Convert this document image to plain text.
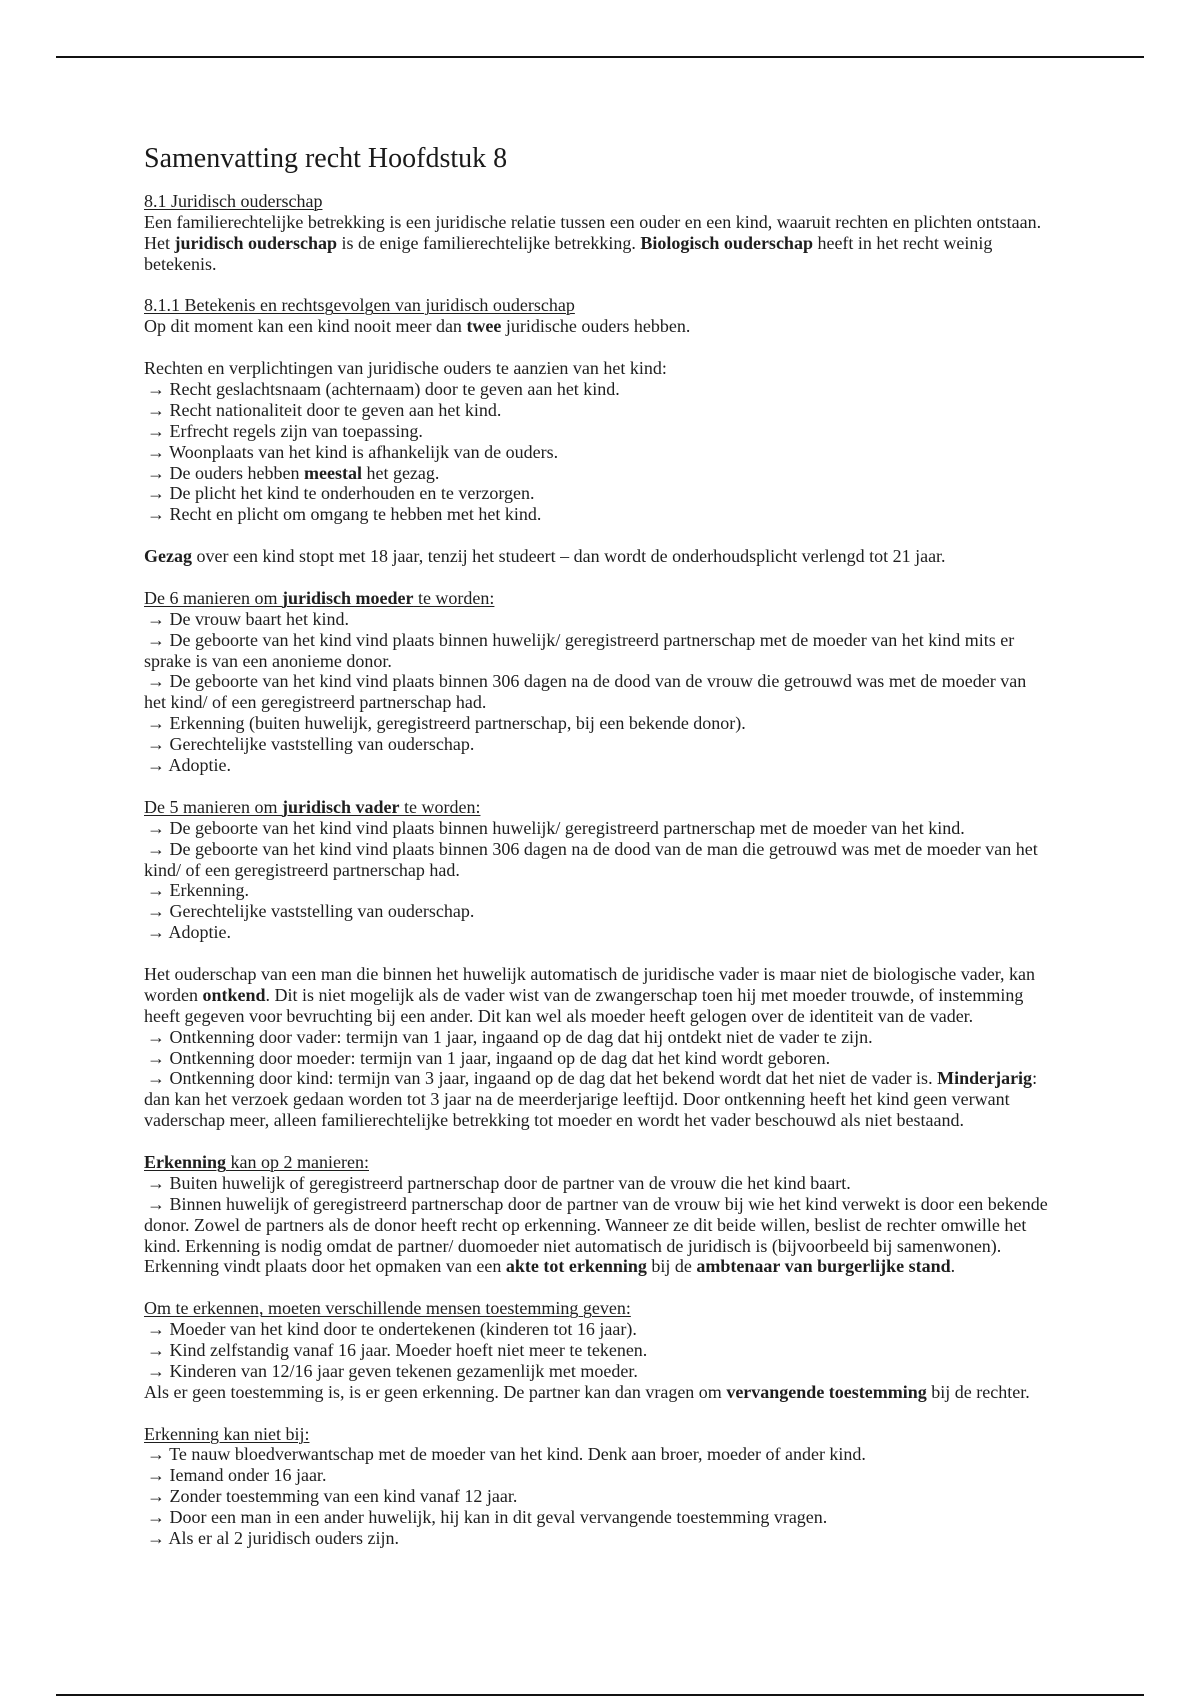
Samenvatting recht Hoofdstuk 8
8.1 Juridisch ouderschap
Een familierechtelijke betrekking is een juridische relatie tussen een ouder en een kind, waaruit rechten en plichten ontstaan.
Het juridisch ouderschap is de enige familierechtelijke betrekking. Biologisch ouderschap heeft in het recht weinig
betekenis.
8.1.1 Betekenis en rechtsgevolgen van juridisch ouderschap
Op dit moment kan een kind nooit meer dan twee juridische ouders hebben.
Rechten en verplichtingen van juridische ouders te aanzien van het kind:
→ Recht geslachtsnaam (achternaam) door te geven aan het kind.
→ Recht nationaliteit door te geven aan het kind.
→ Erfrecht regels zijn van toepassing.
→ Woonplaats van het kind is afhankelijk van de ouders.
→ De ouders hebben meestal het gezag.
→ De plicht het kind te onderhouden en te verzorgen.
→ Recht en plicht om omgang te hebben met het kind.
Gezag over een kind stopt met 18 jaar, tenzij het studeert – dan wordt de onderhoudsplicht verlengd tot 21 jaar.
De 6 manieren om juridisch moeder te worden:
→ De vrouw baart het kind.
→ De geboorte van het kind vind plaats binnen huwelijk/ geregistreerd partnerschap met de moeder van het kind mits er
sprake is van een anonieme donor.
→ De geboorte van het kind vind plaats binnen 306 dagen na de dood van de vrouw die getrouwd was met de moeder van
het kind/ of een geregistreerd partnerschap had.
→ Erkenning (buiten huwelijk, geregistreerd partnerschap, bij een bekende donor).
→ Gerechtelijke vaststelling van ouderschap.
→ Adoptie.
De 5 manieren om juridisch vader te worden:
→ De geboorte van het kind vind plaats binnen huwelijk/ geregistreerd partnerschap met de moeder van het kind.
→ De geboorte van het kind vind plaats binnen 306 dagen na de dood van de man die getrouwd was met de moeder van het
kind/ of een geregistreerd partnerschap had.
→ Erkenning.
→ Gerechtelijke vaststelling van ouderschap.
→ Adoptie.
Het ouderschap van een man die binnen het huwelijk automatisch de juridische vader is maar niet de biologische vader, kan
worden ontkend. Dit is niet mogelijk als de vader wist van de zwangerschap toen hij met moeder trouwde, of instemming
heeft gegeven voor bevruchting bij een ander. Dit kan wel als moeder heeft gelogen over de identiteit van de vader.
→ Ontkenning door vader: termijn van 1 jaar, ingaand op de dag dat hij ontdekt niet de vader te zijn.
→ Ontkenning door moeder: termijn van 1 jaar, ingaand op de dag dat het kind wordt geboren.
→ Ontkenning door kind: termijn van 3 jaar, ingaand op de dag dat het bekend wordt dat het niet de vader is. Minderjarig:
dan kan het verzoek gedaan worden tot 3 jaar na de meerderjarige leeftijd. Door ontkenning heeft het kind geen verwant
vaderschap meer, alleen familierechtelijke betrekking tot moeder en wordt het vader beschouwd als niet bestaand.
Erkenning kan op 2 manieren:
→ Buiten huwelijk of geregistreerd partnerschap door de partner van de vrouw die het kind baart.
→ Binnen huwelijk of geregistreerd partnerschap door de partner van de vrouw bij wie het kind verwekt is door een bekende
donor. Zowel de partners als de donor heeft recht op erkenning. Wanneer ze dit beide willen, beslist de rechter omwille het
kind. Erkenning is nodig omdat de partner/ duomoeder niet automatisch de juridisch is (bijvoorbeeld bij samenwonen).
Erkenning vindt plaats door het opmaken van een akte tot erkenning bij de ambtenaar van burgerlijke stand.
Om te erkennen, moeten verschillende mensen toestemming geven:
→ Moeder van het kind door te ondertekenen (kinderen tot 16 jaar).
→ Kind zelfstandig vanaf 16 jaar. Moeder hoeft niet meer te tekenen.
→ Kinderen van 12/16 jaar geven tekenen gezamenlijk met moeder.
Als er geen toestemming is, is er geen erkenning. De partner kan dan vragen om vervangende toestemming bij de rechter.
Erkenning kan niet bij:
→ Te nauw bloedverwantschap met de moeder van het kind. Denk aan broer, moeder of ander kind.
→ Iemand onder 16 jaar.
→ Zonder toestemming van een kind vanaf 12 jaar.
→ Door een man in een ander huwelijk, hij kan in dit geval vervangende toestemming vragen.
→ Als er al 2 juridisch ouders zijn.
